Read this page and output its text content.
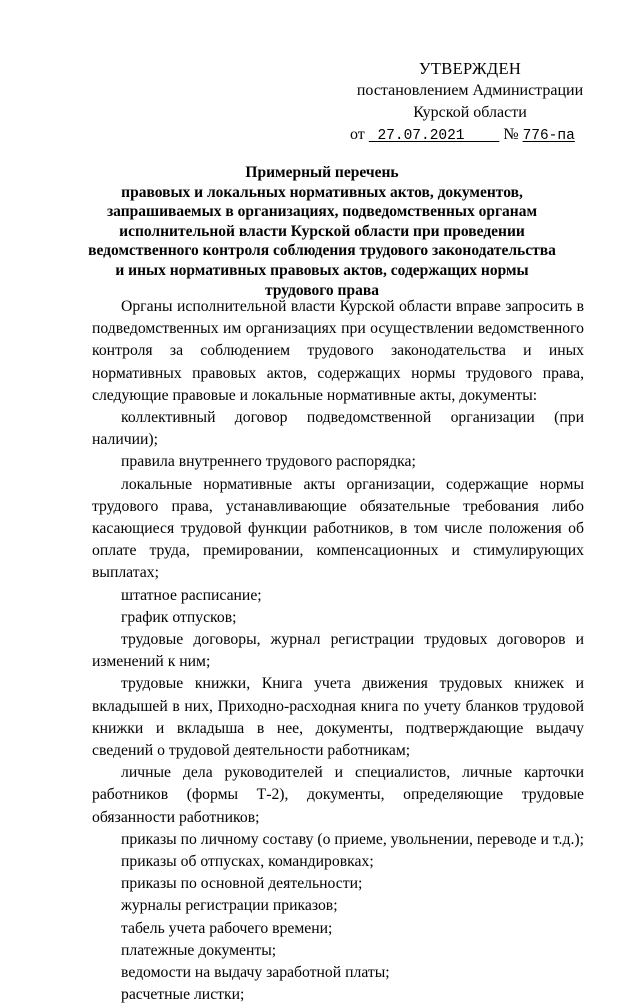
УТВЕРЖДЕН
постановлением Администрации
Курской области
от 27.07.2021 № 776-па
Примерный перечень
правовых и локальных нормативных актов, документов,
запрашиваемых в организациях, подведомственных органам
исполнительной власти Курской области при проведении
ведомственного контроля соблюдения трудового законодательства
и иных нормативных правовых актов, содержащих нормы
трудового права

Органы исполнительной власти Курской области вправе запросить в подведомственных им организациях при осуществлении ведомственного контроля за соблюдением трудового законодательства и иных нормативных правовых актов, содержащих нормы трудового права, следующие правовые и локальные нормативные акты, документы:

коллективный договор подведомственной организации (при наличии);

правила внутреннего трудового распорядка;

локальные нормативные акты организации, содержащие нормы трудового права, устанавливающие обязательные требования либо касающиеся трудовой функции работников, в том числе положения об оплате труда, премировании, компенсационных и стимулирующих выплатах;

штатное расписание;

график отпусков;

трудовые договоры, журнал регистрации трудовых договоров и изменений к ним;

трудовые книжки, Книга учета движения трудовых книжек и вкладышей в них, Приходно-расходная книга по учету бланков трудовой книжки и вкладыша в нее, документы, подтверждающие выдачу сведений о трудовой деятельности работникам;

личные дела руководителей и специалистов, личные карточки работников (формы Т-2), документы, определяющие трудовые обязанности работников;

приказы по личному составу (о приеме, увольнении, переводе и т.д.);

приказы об отпусках, командировках;

приказы по основной деятельности;

журналы регистрации приказов;

табель учета рабочего времени;

платежные документы;

ведомости на выдачу заработной платы;

расчетные листки;
